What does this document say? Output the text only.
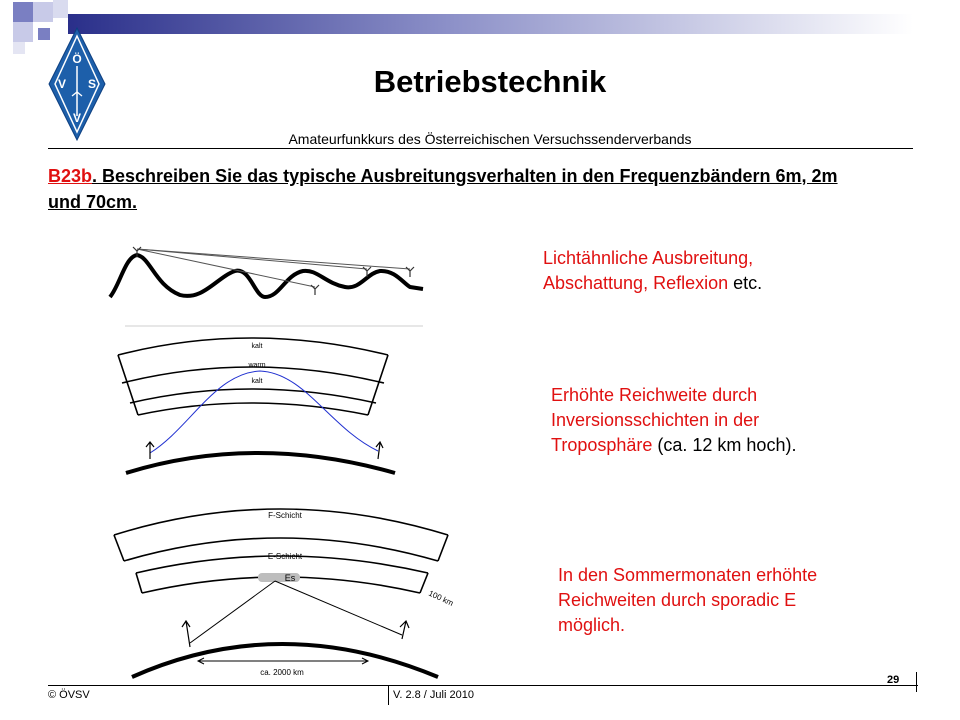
Ö
V S
V
Betriebstechnik
Amateurfunkkurs des Österreichischen Versuchssenderverbands
B23b. Beschreiben Sie das typische Ausbreitungsverhalten in den Frequenzbändern 6m, 2m und 70cm.
kalt
warm
kalt
F-Schicht
E-Schicht
Es
100 km
ca. 2000 km
Lichtähnliche Ausbreitung, Abschattung, Reflexion etc.
Erhöhte Reichweite durch Inversionsschichten in der Troposphäre (ca. 12 km hoch).
In den Sommermonaten erhöhte Reichweiten durch sporadic E möglich.
© ÖVSV	V. 2.8 / Juli 2010
29
